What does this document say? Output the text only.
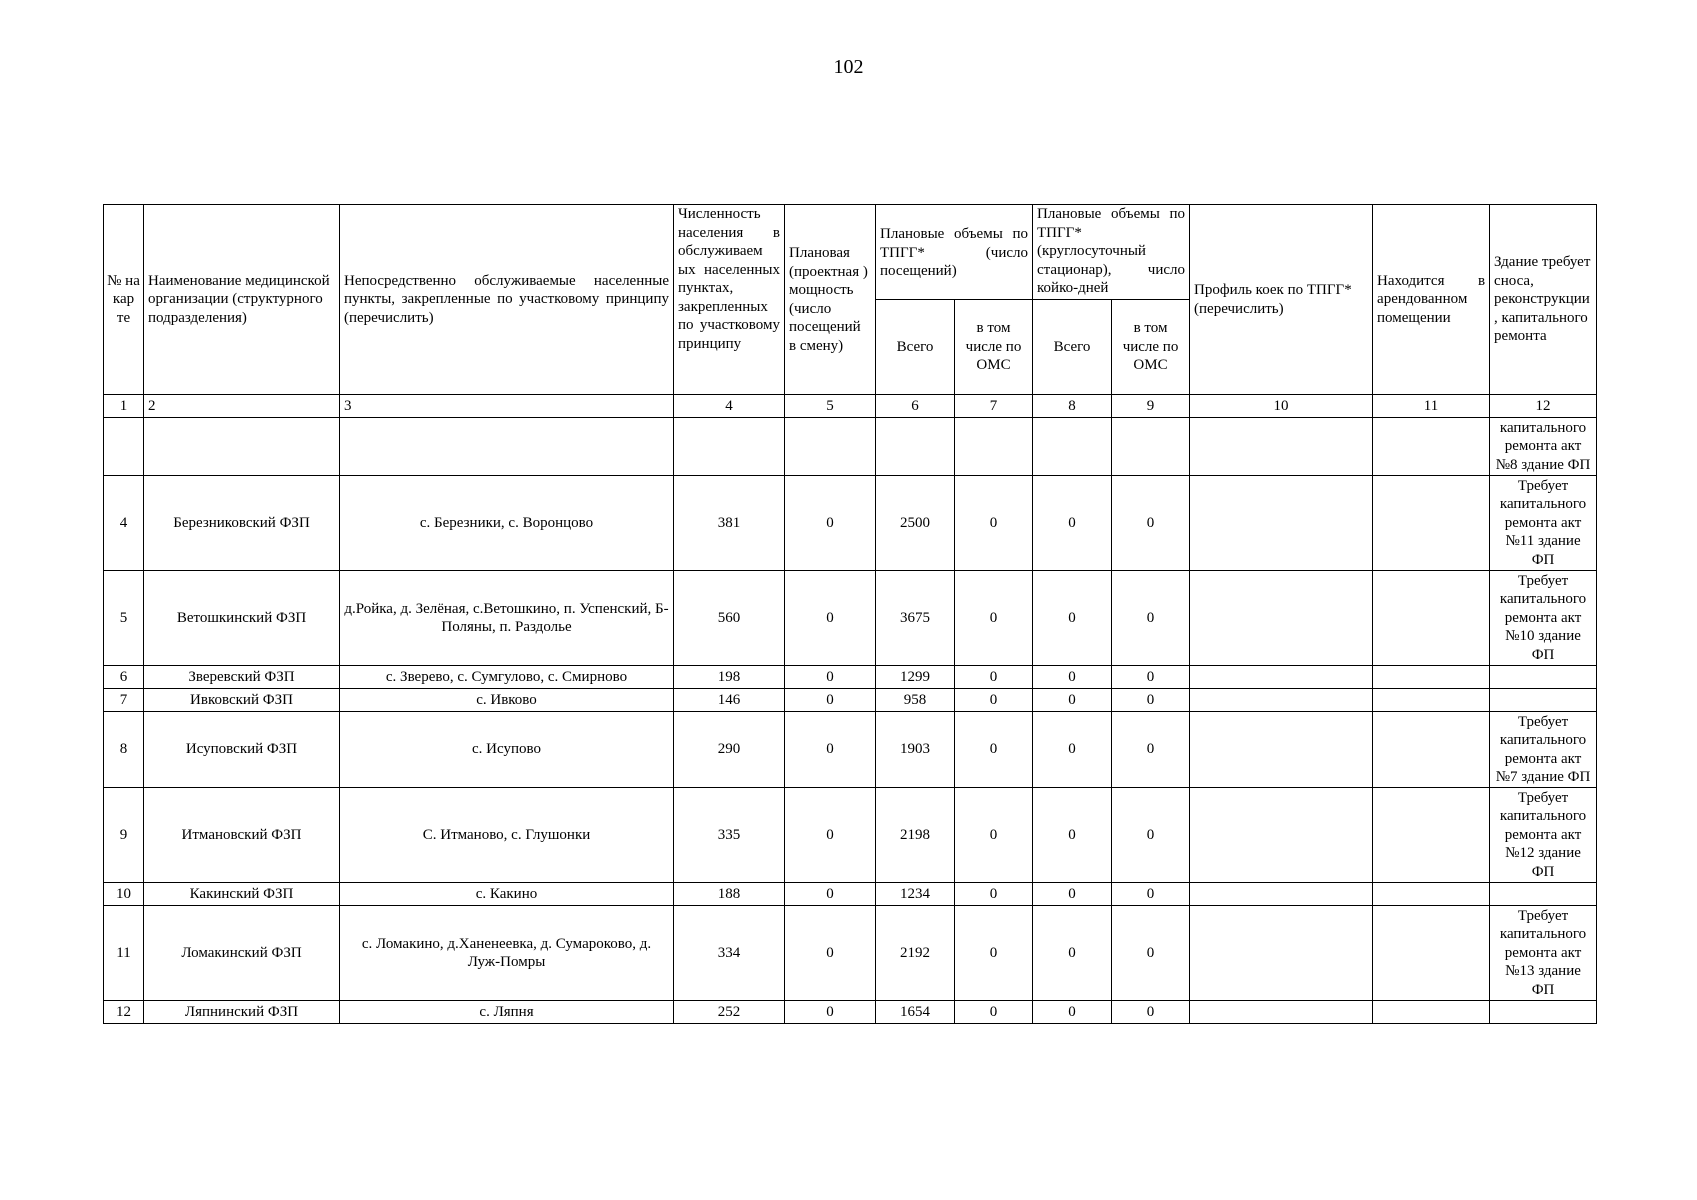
102
№ на кар те	Наименование медицинской организации (структурного подразделения)	Непосредственно обслуживаемые населенные пункты, закрепленные по участковому принципу (перечислить)	Численность населения в обслуживаем ых населенных пунктах, закрепленных по участковому принципу	Плановая (проектная ) мощность (число посещений в смену)	Плановые объемы по ТПГГ* (число посещений)		Плановые объемы по ТПГГ* (круглосуточный стационар), число койко-дней		Профиль коек по ТПГГ* (перечислить)	Находится в арендованном помещении	Здание требует сноса, реконструкции , капитального ремонта
					Всего	в том числе по ОМС	Всего	в том числе по ОМС			
1	2	3	4	5	6	7	8	9	10	11	12
											капитального ремонта акт №8 здание ФП
4	Березниковский ФЗП	с. Березники, с. Воронцово	381	0	2500	0	0	0			Требует капитального ремонта акт №11 здание ФП
5	Ветошкинский ФЗП	д.Ройка, д. Зелёная, с.Ветошкино, п. Успенский, Б-Поляны, п. Раздолье	560	0	3675	0	0	0			Требует капитального ремонта акт №10 здание ФП
6	Зверевский ФЗП	с. Зверево, с. Сумгулово, с. Смирново	198	0	1299	0	0	0			
7	Ивковский ФЗП	с. Ивково	146	0	958	0	0	0			
8	Исуповский ФЗП	с. Исупово	290	0	1903	0	0	0			Требует капитального ремонта акт №7 здание ФП
9	Итмановский ФЗП	С. Итманово, с. Глушонки	335	0	2198	0	0	0			Требует капитального ремонта акт №12 здание ФП
10	Какинский ФЗП	с. Какино	188	0	1234	0	0	0			
11	Ломакинский ФЗП	с. Ломакино, д.Ханенеевка, д. Сумароково, д. Луж-Помры	334	0	2192	0	0	0			Требует капитального ремонта акт №13 здание ФП
12	Ляпнинский ФЗП	с. Ляпня	252	0	1654	0	0	0			
